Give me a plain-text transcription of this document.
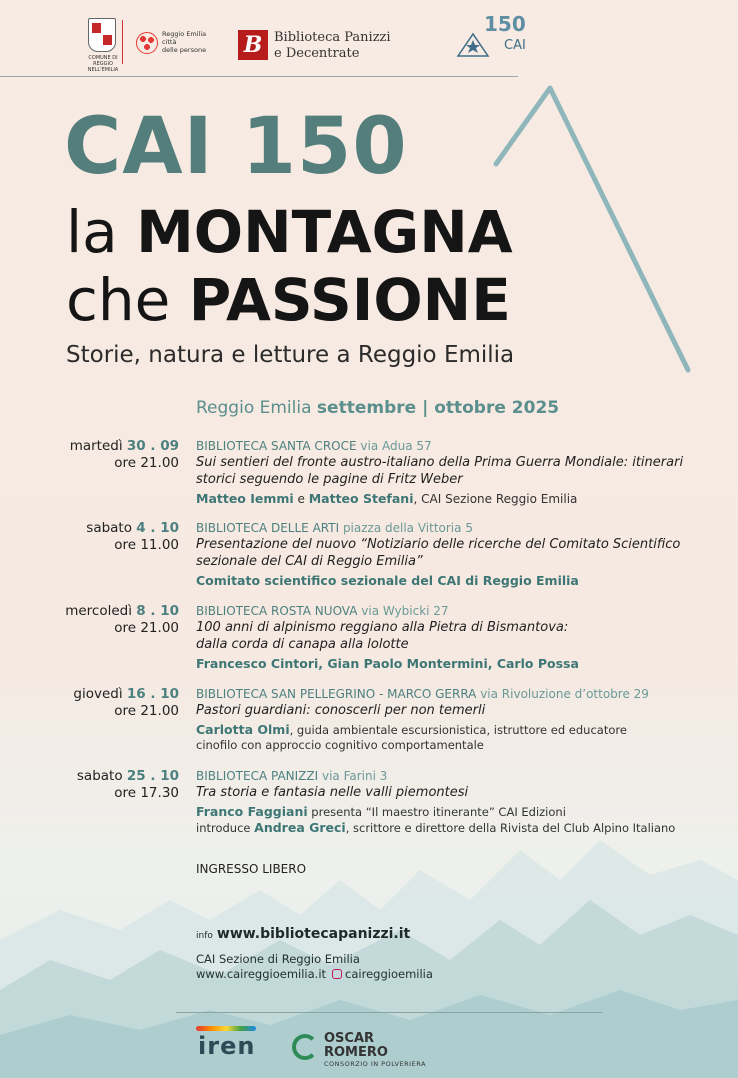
COMUNE DI REGGIO NELL'EMILIA
Reggio Emilia
città
delle persone B Biblioteca Panizzi
e Decentrate
150
CAI
CAI 150
la MONTAGNA
che PASSIONE
Storie, natura e letture a Reggio Emilia
Reggio Emilia settembre | ottobre 2025
martedì 30 . 09
ore 21.00
BIBLIOTECA SANTA CROCE via Adua 57
Sui sentieri del fronte austro-italiano della Prima Guerra Mondiale: itinerari storici seguendo le pagine di Fritz Weber
Matteo Iemmi e Matteo Stefani, CAI Sezione Reggio Emilia
sabato 4 . 10
ore 11.00
BIBLIOTECA DELLE ARTI piazza della Vittoria 5
Presentazione del nuovo “Notiziario delle ricerche del Comitato Scientifico sezionale del CAI di Reggio Emilia”
Comitato scientifico sezionale del CAI di Reggio Emilia
mercoledì 8 . 10
ore 21.00
BIBLIOTECA ROSTA NUOVA via Wybicki 27
100 anni di alpinismo reggiano alla Pietra di Bismantova: dalla corda di canapa alla lolotte
Francesco Cintori, Gian Paolo Montermini, Carlo Possa
giovedì 16 . 10
ore 21.00
BIBLIOTECA SAN PELLEGRINO - MARCO GERRA via Rivoluzione d’ottobre 29
Pastori guardiani: conoscerli per non temerli
Carlotta Olmi, guida ambientale escursionistica, istruttore ed educatore cinofilo con approccio cognitivo comportamentale
sabato 25 . 10
ore 17.30
BIBLIOTECA PANIZZI via Farini 3
Tra storia e fantasia nelle valli piemontesi
Franco Faggiani presenta “Il maestro itinerante” CAI Edizioni
introduce Andrea Greci, scrittore e direttore della Rivista del Club Alpino Italiano
INGRESSO LIBERO
info www.bibliotecapanizzi.it
CAI Sezione di Reggio Emilia
www.caireggioemilia.it caireggioemilia
iren	OSCAR
ROMERO
CONSORZIO IN POLVERIERA
